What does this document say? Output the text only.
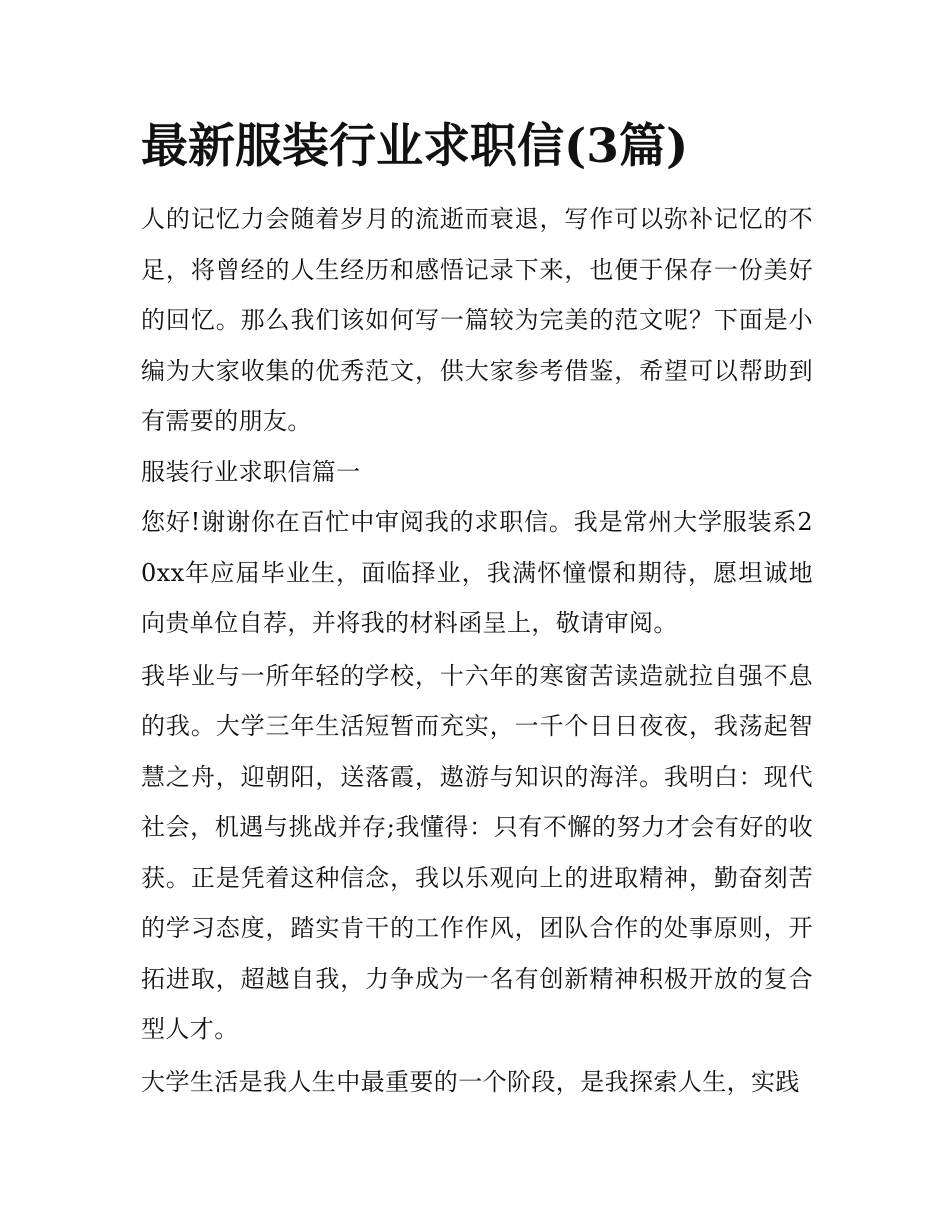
最新服装行业求职信(3篇)

人的记忆力会随着岁月的流逝而衰退，写作可以弥补记忆的不足，将曾经的人生经历和感悟记录下来，也便于保存一份美好的回忆。那么我们该如何写一篇较为完美的范文呢？下面是小编为大家收集的优秀范文，供大家参考借鉴，希望可以帮助到有需要的朋友。

服装行业求职信篇一

您好!谢谢你在百忙中审阅我的求职信。我是常州大学服装系20xx年应届毕业生，面临择业，我满怀憧憬和期待，愿坦诚地向贵单位自荐，并将我的材料函呈上，敬请审阅。

我毕业与一所年轻的学校，十六年的寒窗苦读造就拉自强不息的我。大学三年生活短暂而充实，一千个日日夜夜，我荡起智慧之舟，迎朝阳，送落霞，遨游与知识的海洋。我明白：现代社会，机遇与挑战并存;我懂得：只有不懈的努力才会有好的收获。正是凭着这种信念，我以乐观向上的进取精神，勤奋刻苦的学习态度，踏实肯干的工作作风，团队合作的处事原则，开拓进取，超越自我，力争成为一名有创新精神积极开放的复合型人才。

大学生活是我人生中最重要的一个阶段，是我探索人生，实践
